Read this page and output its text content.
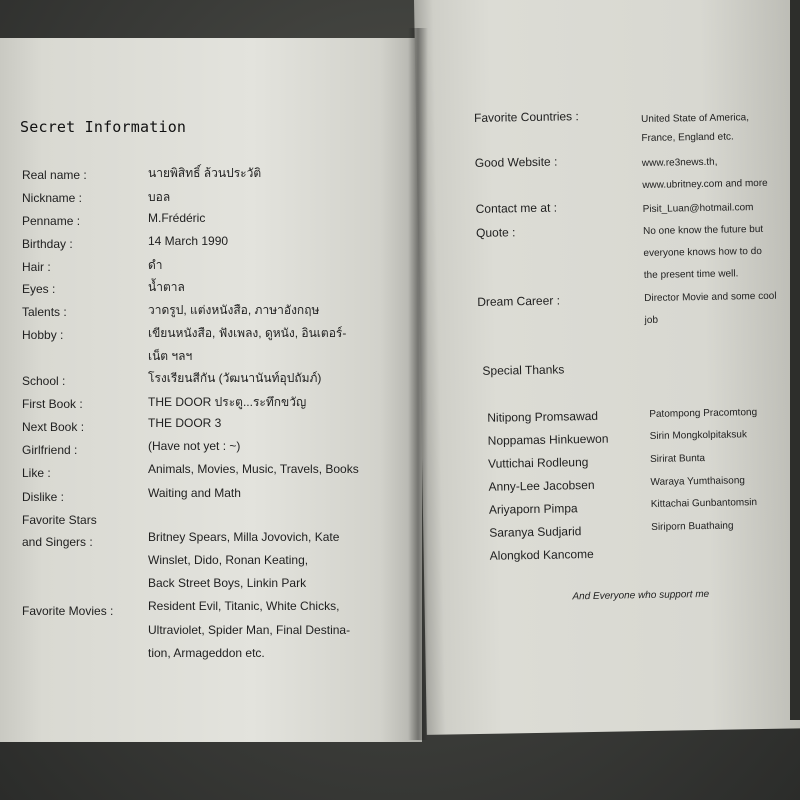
Secret Information
Real name :	นายพิสิทธิ์ ล้วนประวัติ
Nickname :	บอล
Penname :	M.Frédéric
Birthday :	14 March 1990
Hair :	ดำ
Eyes :	น้ำตาล
Talents :	วาดรูป, แต่งหนังสือ, ภาษาอังกฤษ
Hobby :	เขียนหนังสือ, ฟังเพลง, ดูหนัง, อินเตอร์-
เน็ต ฯลฯ
School :	โรงเรียนสีกัน (วัฒนานันท์อุปถัมภ์)
First Book :	THE DOOR ประตู...ระทึกขวัญ
Next Book :	THE DOOR 3
Girlfriend :	(Have not yet : ~)
Like :	Animals, Movies, Music, Travels, Books
Dislike :	Waiting and Math
Favorite Stars
and Singers :	Britney Spears, Milla Jovovich, Kate
Winslet, Dido, Ronan Keating,
Back Street Boys, Linkin Park
Favorite Movies :	Resident Evil, Titanic, White Chicks,
Ultraviolet, Spider Man, Final Destina-
tion, Armageddon etc.
Favorite Countries :	United State of America,
France, England etc.
Good Website :	www.re3news.th,
www.ubritney.com and more
Contact me at :	Pisit_Luan@hotmail.com
Quote :	No one know the future but
everyone knows how to do
the present time well.
Dream Career :	Director Movie and some cool
job
Special Thanks
Nitipong Promsawad
Noppamas Hinkuewon
Vuttichai Rodleung
Anny-Lee Jacobsen
Ariyaporn Pimpa
Saranya Sudjarid
Alongkod Kancome
Patompong Pracomtong
Sirin Mongkolpitaksuk
Sirirat Bunta
Waraya Yumthaisong
Kittachai Gunbantomsin
Siriporn Buathaing
And Everyone who support me
